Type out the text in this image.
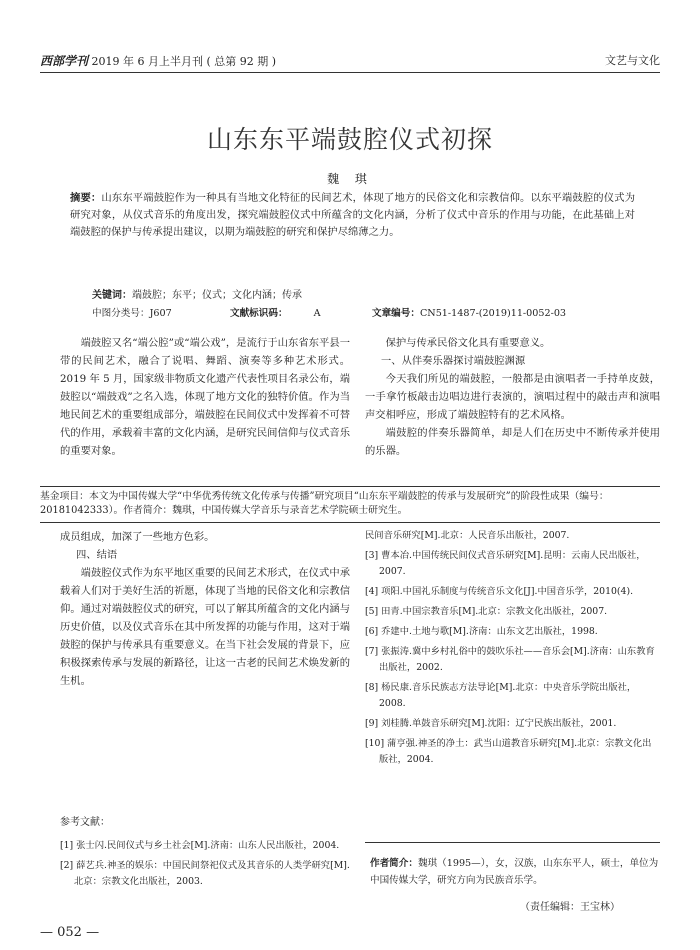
西部学刊 2019 年 6 月上半月刊 ( 总第 92 期 )	文艺与文化
山东东平端鼓腔仪式初探
魏 琪
摘要：山东东平端鼓腔作为一种具有当地文化特征的民间艺术，体现了地方的民俗文化和宗教信仰。以东平端鼓腔的仪式为研究对象，从仪式音乐的角度出发，探究端鼓腔仪式中所蕴含的文化内涵，分析了仪式中音乐的作用与功能，在此基础上对端鼓腔的保护与传承提出建议，以期为端鼓腔的研究和保护尽绵薄之力。
关键词：端鼓腔；东平；仪式；文化内涵；传承
中图分类号：J607	文献标识码：	A	文章编号：CN51-1487-(2019)11-0052-03

端鼓腔又名“端公腔”或“端公戏”，是流行于山东省东平县一带的民间艺术，融合了说唱、舞蹈、演奏等多种艺术形式。2019 年 5 月，国家级非物质文化遗产代表性项目名录公布，端鼓腔以“端鼓戏”之名入选，体现了地方文化的独特价值。作为当地民间艺术的重要组成部分，端鼓腔在民间仪式中发挥着不可替代的作用，承载着丰富的文化内涵，是研究民间信仰与仪式音乐的重要对象。

保护与传承民俗文化具有重要意义。

一、从伴奏乐器探讨端鼓腔渊源

今天我们所见的端鼓腔，一般都是由演唱者一手持单皮鼓，一手拿竹板敲击边唱边进行表演的，演唱过程中的敲击声和演唱声交相呼应，形成了端鼓腔特有的艺术风格。

端鼓腔的伴奏乐器简单，却是人们在历史中不断传承并使用的乐器。

基金项目：本文为中国传媒大学“中华优秀传统文化传承与传播”研究项目“山东东平端鼓腔的传承与发展研究”的阶段性成果（编号：20181042333）。作者简介：魏琪，中国传媒大学音乐与录音艺术学院硕士研究生。

成员组成，加深了一些地方色彩。

四、结语

端鼓腔仪式作为东平地区重要的民间艺术形式，在仪式中承载着人们对于美好生活的祈愿，体现了当地的民俗文化和宗教信仰。通过对端鼓腔仪式的研究，可以了解其所蕴含的文化内涵与历史价值，以及仪式音乐在其中所发挥的功能与作用，这对于端鼓腔的保护与传承具有重要意义。在当下社会发展的背景下，应积极探索传承与发展的新路径，让这一古老的民间艺术焕发新的生机。

参考文献：

[1] 张士闪.民间仪式与乡土社会[M].济南：山东人民出版社，2004.

[2] 薛艺兵.神圣的娱乐：中国民间祭祀仪式及其音乐的人类学研究[M].北京：宗教文化出版社，2003.

民间音乐研究[M].北京：人民音乐出版社，2007.

[3] 曹本冶.中国传统民间仪式音乐研究[M].昆明：云南人民出版社，2007.

[4] 项阳.中国礼乐制度与传统音乐文化[J].中国音乐学，2010(4).

[5] 田青.中国宗教音乐[M].北京：宗教文化出版社，2007.

[6] 乔建中.土地与歌[M].济南：山东文艺出版社，1998.

[7] 张振涛.冀中乡村礼俗中的鼓吹乐社——音乐会[M].济南：山东教育出版社，2002.

[8] 杨民康.音乐民族志方法导论[M].北京：中央音乐学院出版社，2008.

[9] 刘桂腾.单鼓音乐研究[M].沈阳：辽宁民族出版社，2001.

[10] 蒲亨强.神圣的净土：武当山道教音乐研究[M].北京：宗教文化出版社，2004.

作者简介：魏琪（1995—），女，汉族，山东东平人，硕士，单位为中国传媒大学，研究方向为民族音乐学。
（责任编辑：王宝林）
— 052 —
